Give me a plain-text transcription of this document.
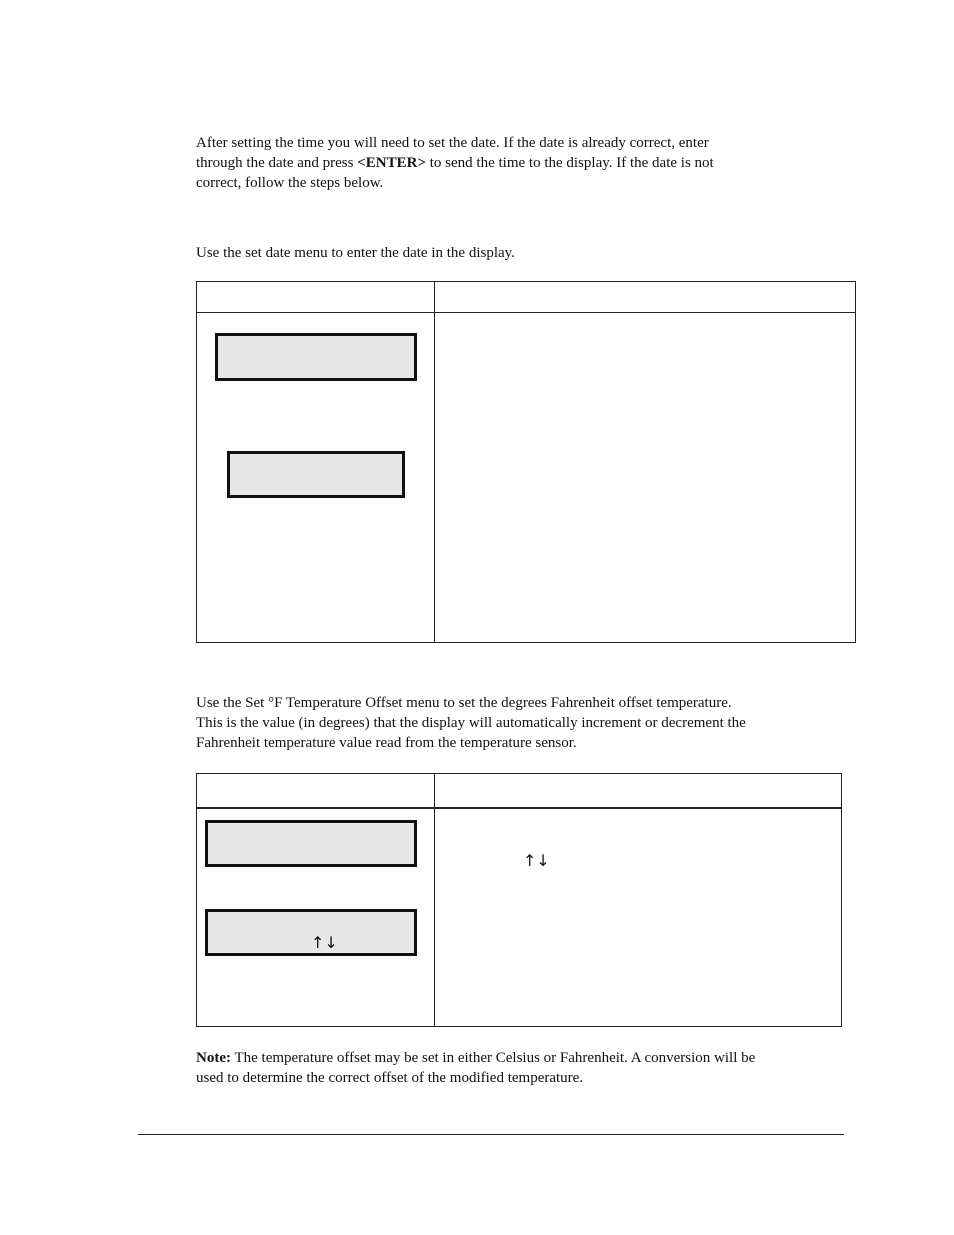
After setting the time you will need to set the date. If the date is already correct, enter
through the date and press <ENTER> to send the time to the display. If the date is not
correct, follow the steps below.

Use the set date menu to enter the date in the display.

Use the Set °F Temperature Offset menu to set the degrees Fahrenheit offset temperature.
This is the value (in degrees) that the display will automatically increment or decrement the
Fahrenheit temperature value read from the temperature sensor.

↑↓
↑↓

Note: The temperature offset may be set in either Celsius or Fahrenheit. A conversion will be
used to determine the correct offset of the modified temperature.
